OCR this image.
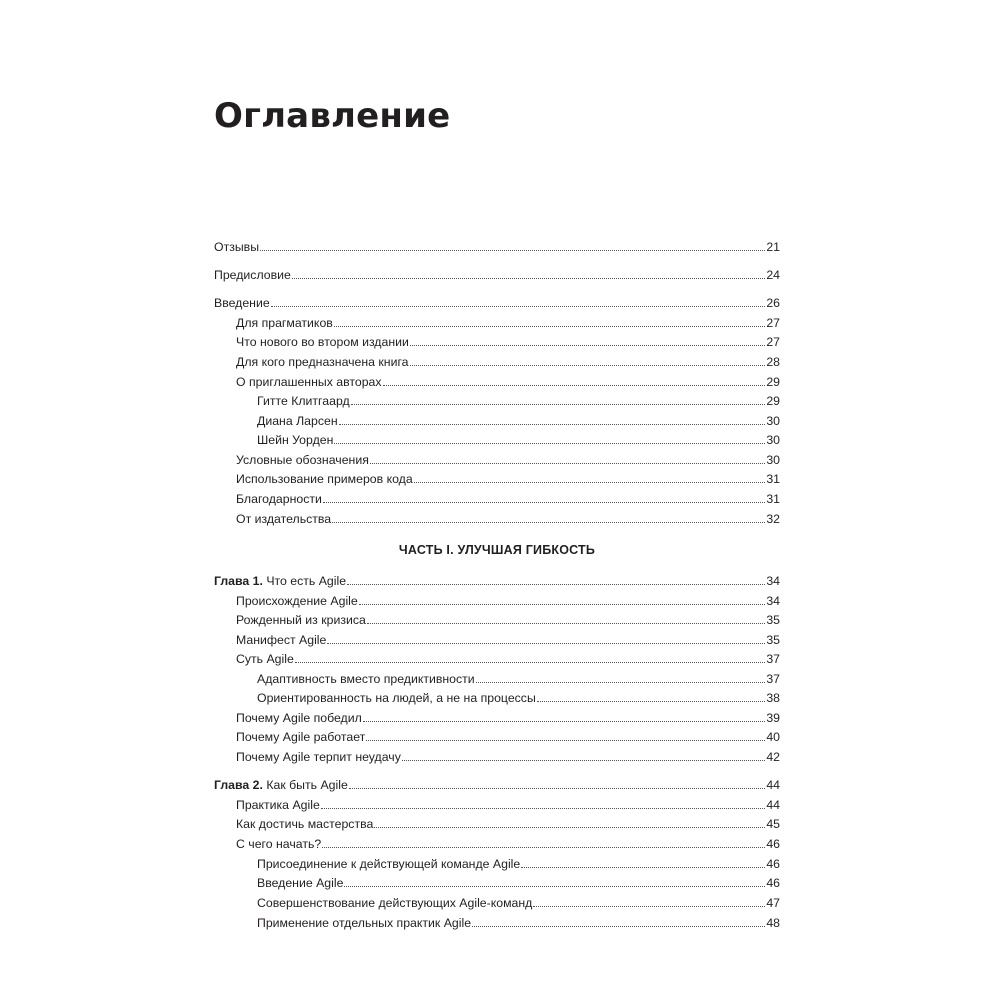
Оглавление
ЧАСТЬ I. УЛУЧШАЯ ГИБКОСТЬ
Отзывы	21
Предисловие	24
Введение	26
Для прагматиков	27
Что нового во втором издании	27
Для кого предназначена книга	28
О приглашенных авторах	29
Гитте Клитгаард	29
Диана Ларсен	30
Шейн Уорден	30
Условные обозначения	30
Использование примеров кода	31
Благодарности	31
От издательства	32
Глава 1. Что есть Agile	34
Происхождение Agile	34
Рожденный из кризиса	35
Манифест Agile	35
Суть Agile	37
Адаптивность вместо предиктивности	37
Ориентированность на людей, а не на процессы	38
Почему Agile победил	39
Почему Agile работает	40
Почему Agile терпит неудачу	42
Глава 2. Как быть Agile	44
Практика Agile	44
Как достичь мастерства	45
С чего начать?	46
Присоединение к действующей команде Agile	46
Введение Agile	46
Совершенствование действующих Agile-команд	47
Применение отдельных практик Agile	48
